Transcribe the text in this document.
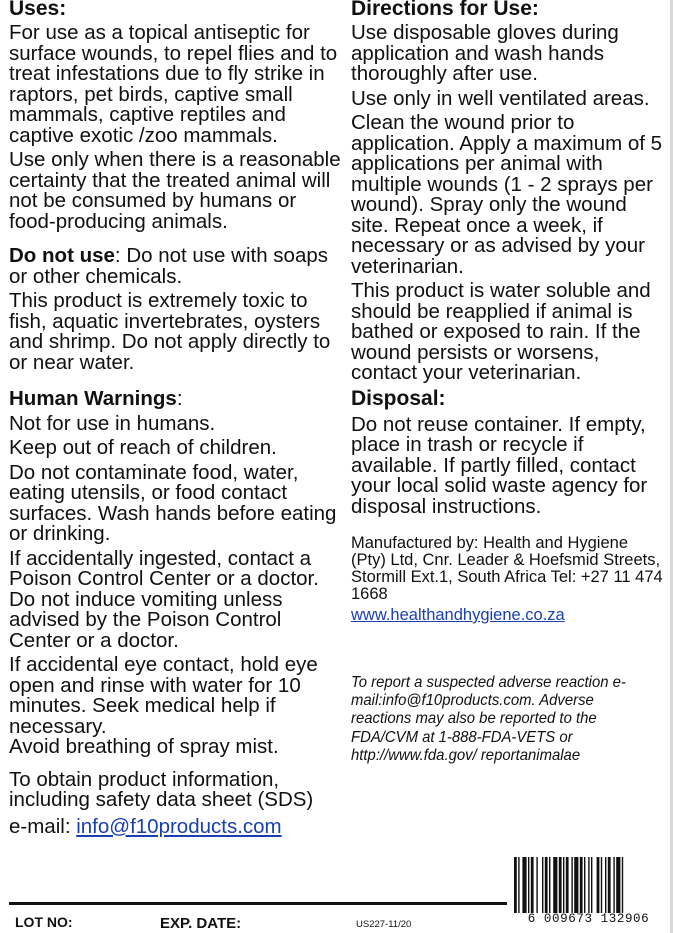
Uses:

For use as a topical antiseptic for surface wounds, to repel flies and to treat infestations due to fly strike in raptors, pet birds, captive small mammals, captive reptiles and captive exotic /zoo mammals.

Use only when there is a reasonable certainty that the treated animal will not be consumed by humans or food-producing animals.

Do not use: Do not use with soaps or other chemicals.

This product is extremely toxic to fish, aquatic invertebrates, oysters and shrimp. Do not apply directly to or near water.

Human Warnings:

Not for use in humans.

Keep out of reach of children.

Do not contaminate food, water, eating utensils, or food contact surfaces. Wash hands before eating or drinking.

If accidentally ingested, contact a Poison Control Center or a doctor. Do not induce vomiting unless advised by the Poison Control Center or a doctor.

If accidental eye contact, hold eye open and rinse with water for 10 minutes. Seek medical help if necessary.

Avoid breathing of spray mist.

To obtain product information, including safety data sheet (SDS)

e-mail: info@f10products.com

Directions for Use:

Use disposable gloves during application and wash hands thoroughly after use.

Use only in well ventilated areas.

Clean the wound prior to application. Apply a maximum of 5 applications per animal with multiple wounds (1 - 2 sprays per wound). Spray only the wound site. Repeat once a week, if necessary or as advised by your veterinarian.

This product is water soluble and should be reapplied if animal is bathed or exposed to rain. If the wound persists or worsens, contact your veterinarian.

Disposal:

Do not reuse container. If empty, place in trash or recycle if available. If partly filled, contact your local solid waste agency for disposal instructions.

Manufactured by: Health and Hygiene (Pty) Ltd, Cnr. Leader & Hoefsmid Streets, Stormill Ext.1, South Africa Tel: +27 11 474 1668

www.healthandhygiene.co.za

To report a suspected adverse reaction e-mail:info@f10products.com. Adverse reactions may also be reported to the FDA/CVM at 1-888-FDA-VETS or http://www.fda.gov/ reportanimalae

6 009673 132906
LOT NO:	EXP. DATE:	US227-11/20
